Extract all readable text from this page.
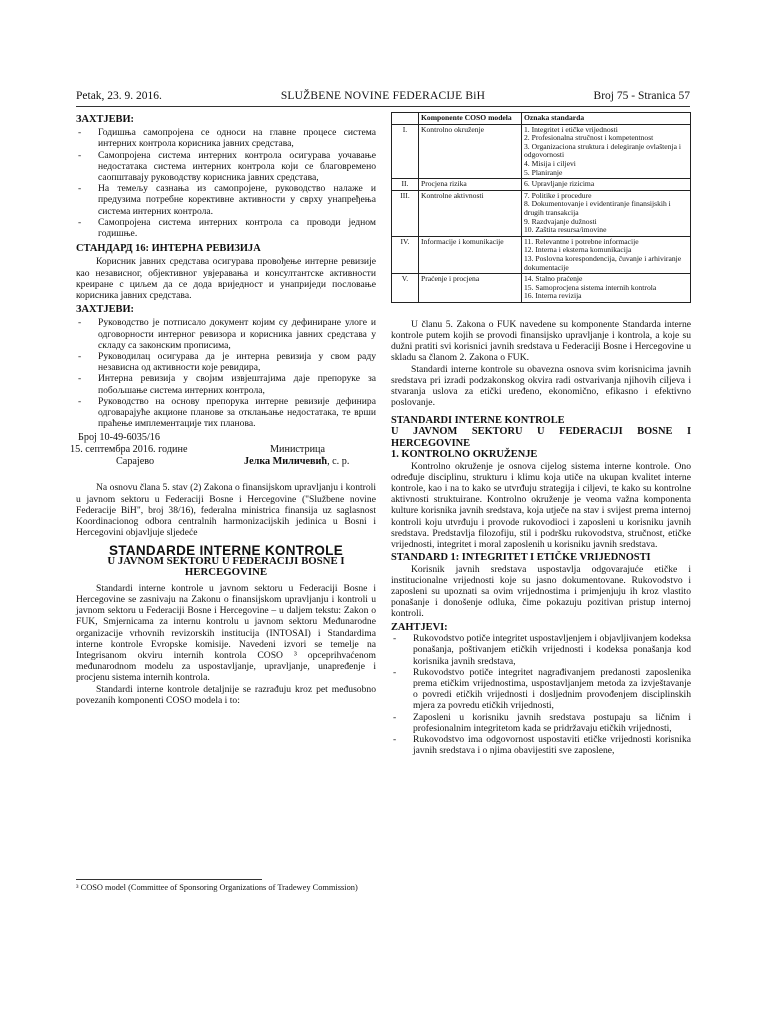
Petak, 23. 9. 2016.	SLUŽBENE NOVINE FEDERACIJE BiH	Broj 75 - Stranica 57
ЗАХТЈЕВИ:
- Годишња самопројена се односи на главне процесе система интерних контрола корисника јавних средстава,
- Самопројена система интерних контрола осигурава уочавање недостатака система интерних контрола који се благовремено саопштавају руководству корисника јавних средстава,
- На темељу сазнања из самопројене, руководство налаже и предузима потребне корективне активности у сврху унапређења система интерних контрола.
- Самопројена система интерних контрола са проводи једном годишње.
СТАНДАРД 16: ИНТЕРНА РЕВИЗИЈА

Корисник јавних средстава осигурава провођење интерне ревизије као независног, објективног увјеравања и консултантске активности креиране с циљем да се дода вриједност и унаприједи пословање корисника јавних средстава.

ЗАХТЈЕВИ:
- Руководство је потписало документ којим су дефиниране улоге и одговорности интерног ревизора и корисника јавних средстава у складу са законским прописима,
- Руководилац осигурава да је интерна ревизија у свом раду независна од активности које ревидира,
- Интерна ревизија у својим извјештајима даје препоруке за побољшање система интерних контрола,
- Руководство на основу препорука интерне ревизије дефинира одговарајуће акционе планове за отклањање недостатака, те врши праћење имплементације тих планова.
Број 10-49-6035/16
15. септембра 2016. године	Министрица
Сарајево	Јелка Миличевић, с. р.

Na osnovu člana 5. stav (2) Zakona o finansijskom upravljanju i kontroli u javnom sektoru u Federaciji Bosne i Hercegovine ("Službene novine Federacije BiH", broj 38/16), federalna ministrica finansija uz saglasnost Koordinacionog odbora centralnih harmonizacijskih jedinica u Bosni i Hercegovini objavljuje sljedeće

STANDARDE INTERNE KONTROLE
U JAVNOM SEKTORU U FEDERACIJI BOSNE I HERCEGOVINE

Standardi interne kontrole u javnom sektoru u Federaciji Bosne i Hercegovine se zasnivaju na Zakonu o finansijskom upravljanju i kontroli u javnom sektoru u Federaciji Bosne i Hercegovine – u daljem tekstu: Zakon o FUK, Smjernicama za internu kontrolu u javnom sektoru Međunarodne organizacije vrhovnih revizorskih institucija (INTOSAI) i Standardima interne kontrole Evropske komisije. Navedeni izvori se temelje na Integrisanom okviru internih kontrola COSO ³ opceprihvaćenom međunarodnom modelu za uspostavljanje, upravljanje, unapređenje i procjenu sistema internih kontrola.

Standardi interne kontrole detaljnije se razrađuju kroz pet međusobno povezanih komponenti COSO modela i to:

³ COSO model (Committee of Sponsoring Organizations of Tradewey Commission)
	Komponente COSO modela	Oznaka standarda
I.	Kontrolno okruženje	1. Integritet i etičke vrijednosti
2. Profesionalna stručnost i kompetentnost
3. Organizaciona struktura i delegiranje ovlaštenja i odgovornosti
4. Misija i ciljevi
5. Planiranje
II.	Procjena rizika	6. Upravljanje rizicima
III.	Kontrolne aktivnosti	7. Politike i procedure
8. Dokumentovanje i evidentiranje finansijskih i drugih transakcija
9. Razdvajanje dužnosti
10. Zaštita resursa/imovine
IV.	Informacije i komunikacije	11. Relevantne i potrebne informacije
12. Interna i eksterna komunikacija
13. Poslovna korespondencija, čuvanje i arhiviranje dokumentacije
V.	Praćenje i procjena	14. Stalno praćenje
15. Samoprocjena sistema internih kontrola
16. Interna revizija

U članu 5. Zakona o FUK navedene su komponente Standarda interne kontrole putem kojih se provodi finansijsko upravljanje i kontrola, a koje su dužni pratiti svi korisnici javnih sredstava u Federaciji Bosne i Hercegovine u skladu sa članom 2. Zakona o FUK.

Standardi interne kontrole su obavezna osnova svim korisnicima javnih sredstava pri izradi podzakonskog okvira radi ostvarivanja njihovih ciljeva i stvaranja uslova za etički uređeno, ekonomično, efikasno i efektivno poslovanje.

STANDARDI INTERNE KONTROLE
U JAVNOM SEKTORU U FEDERACIJI BOSNE I HERCEGOVINE
1. KONTROLNO OKRUŽENJE

Kontrolno okruženje je osnova cijelog sistema interne kontrole. Ono određuje disciplinu, strukturu i klimu koja utiče na ukupan kvalitet interne kontrole, kao i na to kako se utvrđuju strategija i ciljevi, te kako su kontrolne aktivnosti struktuirane. Kontrolno okruženje je veoma važna komponenta kulture korisnika javnih sredstava, koja utječe na stav i svijest prema internoj kontroli koju utvrđuju i provode rukovodioci i zaposleni u korisniku javnih sredstava. Predstavlja filozofiju, stil i podršku rukovodstva, stručnost, etičke vrijednosti, integritet i moral zaposlenih u korisniku javnih sredstava.

STANDARD 1: INTEGRITET I ETIČKE VRIJEDNOSTI

Korisnik javnih sredstava uspostavlja odgovarajuće etičke i institucionalne vrijednosti koje su jasno dokumentovane. Rukovodstvo i zaposleni su upoznati sa ovim vrijednostima i primjenjuju ih kroz vlastito ponašanje i donošenje odluka, čime pokazuju pozitivan pristup internoj kontroli.

ZAHTJEVI:
- Rukovodstvo potiče integritet uspostavljenjem i objavljivanjem kodeksa ponašanja, poštivanjem etičkih vrijednosti i kodeksa ponašanja kod korisnika javnih sredstava,
- Rukovodstvo potiče integritet nagrađivanjem predanosti zaposlenika prema etičkim vrijednostima, uspostavljanjem metoda za izvještavanje o povredi etičkih vrijednosti i dosljednim provođenjem disciplinskih mjera za povredu etičkih vrijednosti,
- Zaposleni u korisniku javnih sredstava postupaju sa ličnim i profesionalnim integritetom kada se pridržavaju etičkih vrijednosti,
- Rukovodstvo ima odgovornost uspostaviti etičke vrijednosti korisnika javnih sredstava i o njima obavijestiti sve zaposlene,
